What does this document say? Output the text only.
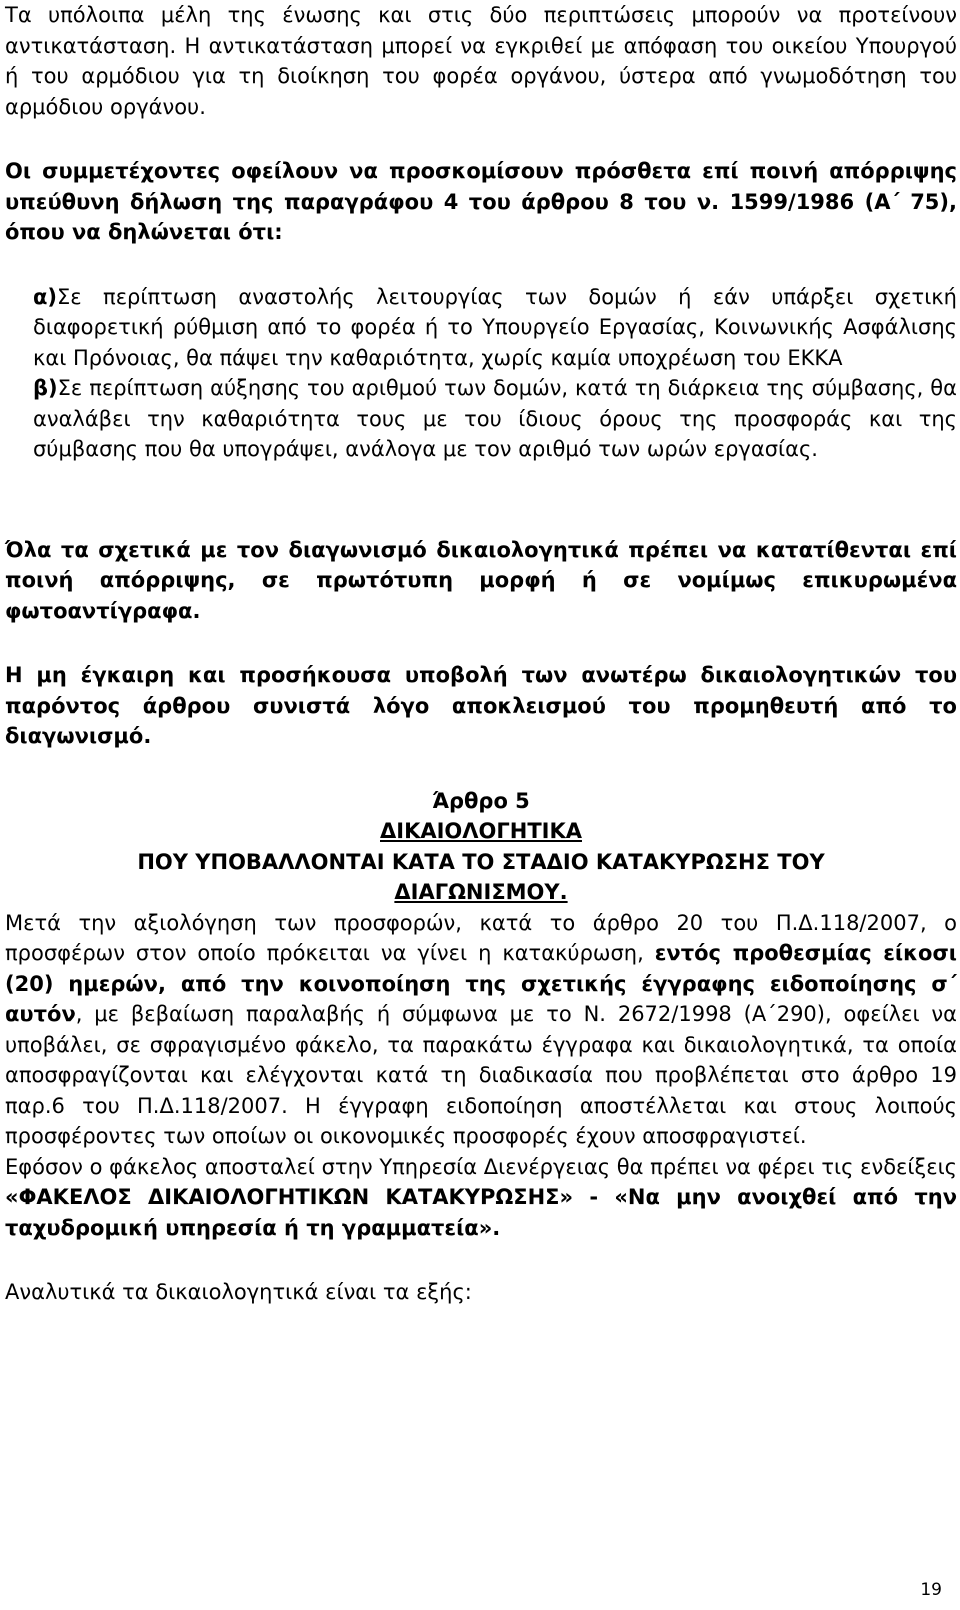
Τα υπόλοιπα μέλη της ένωσης και στις δύο περιπτώσεις μπορούν να προτείνουν αντικατάσταση. Η αντικατάσταση μπορεί να εγκριθεί με απόφαση του οικείου Υπουργού ή του αρμόδιου για τη διοίκηση του φορέα οργάνου, ύστερα από γνωμοδότηση του αρμόδιου οργάνου.

Οι συμμετέχοντες οφείλουν να προσκομίσουν πρόσθετα επί ποινή απόρριψης υπεύθυνη δήλωση της παραγράφου 4 του άρθρου 8 του ν. 1599/1986 (Α΄ 75), όπου να δηλώνεται ότι:

α)Σε περίπτωση αναστολής λειτουργίας των δομών ή εάν υπάρξει σχετική διαφορετική ρύθμιση από το φορέα ή το Υπουργείο Εργασίας, Κοινωνικής Ασφάλισης και Πρόνοιας, θα πάψει την καθαριότητα, χωρίς καμία υποχρέωση του ΕΚΚΑ

β)Σε περίπτωση αύξησης του αριθμού των δομών, κατά τη διάρκεια της σύμβασης, θα αναλάβει την καθαριότητα τους με του ίδιους όρους της προσφοράς και της σύμβασης που θα υπογράψει, ανάλογα με τον αριθμό των ωρών εργασίας.

Όλα τα σχετικά με τον διαγωνισμό δικαιολογητικά πρέπει να κατατίθενται επί ποινή απόρριψης, σε πρωτότυπη μορφή ή σε νομίμως επικυρωμένα φωτοαντίγραφα.

Η μη έγκαιρη και προσήκουσα υποβολή των ανωτέρω δικαιολογητικών του παρόντος άρθρου συνιστά λόγο αποκλεισμού του προμηθευτή από το διαγωνισμό.

Άρθρο 5

ΔΙΚΑΙΟΛΟΓΗΤΙΚΑ

ΠΟΥ ΥΠΟΒΑΛΛΟΝΤΑΙ ΚΑΤΑ ΤΟ ΣΤΑΔΙΟ ΚΑΤΑΚΥΡΩΣΗΣ ΤΟΥ

ΔΙΑΓΩΝΙΣΜΟΥ.

Μετά την αξιολόγηση των προσφορών, κατά το άρθρο 20 του Π.Δ.118/2007, ο προσφέρων στον οποίο πρόκειται να γίνει η κατακύρωση, εντός προθεσμίας είκοσι (20) ημερών, από την κοινοποίηση της σχετικής έγγραφης ειδοποίησης σ΄ αυτόν, με βεβαίωση παραλαβής ή σύμφωνα με το Ν. 2672/1998 (Α΄290), οφείλει να υποβάλει, σε σφραγισμένο φάκελο, τα παρακάτω έγγραφα και δικαιολογητικά, τα οποία αποσφραγίζονται και ελέγχονται κατά τη διαδικασία που προβλέπεται στο άρθρο 19 παρ.6 του Π.Δ.118/2007. Η έγγραφη ειδοποίηση αποστέλλεται και στους λοιπούς προσφέροντες των οποίων οι οικονομικές προσφορές έχουν αποσφραγιστεί.

Εφόσον ο φάκελος αποσταλεί στην Υπηρεσία Διενέργειας θα πρέπει να φέρει τις ενδείξεις «ΦΑΚΕΛΟΣ ΔΙΚΑΙΟΛΟΓΗΤΙΚΩΝ ΚΑΤΑΚΥΡΩΣΗΣ» - «Να μην ανοιχθεί από την ταχυδρομική υπηρεσία ή τη γραμματεία».

Αναλυτικά τα δικαιολογητικά είναι τα εξής:

19
